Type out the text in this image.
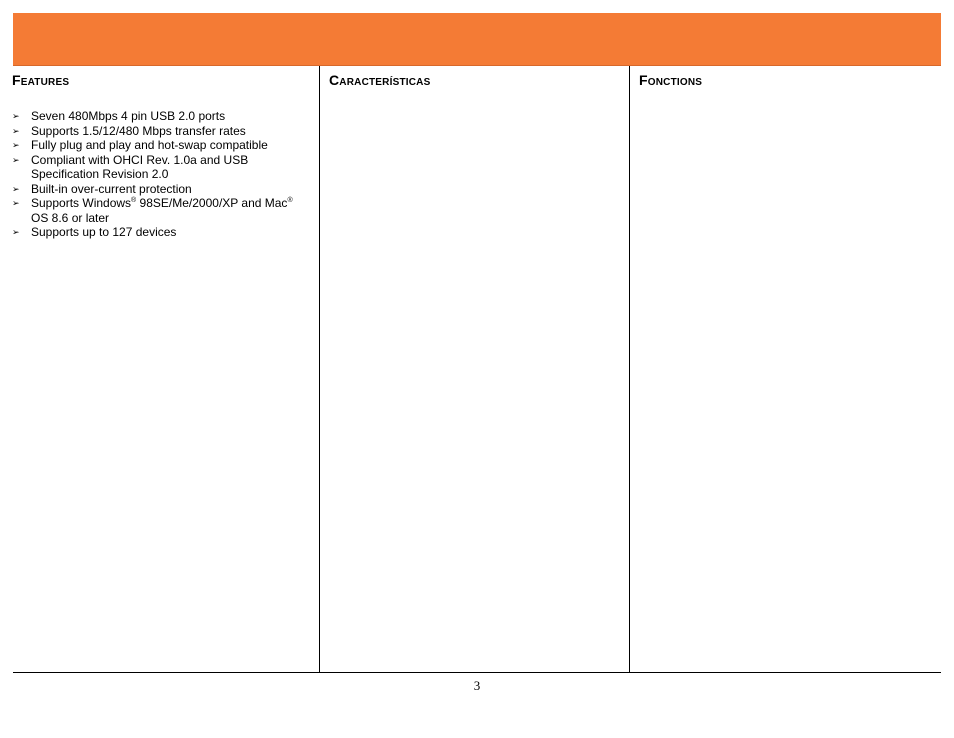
Features
➢ Seven 480Mbps 4 pin USB 2.0 ports
➢ Supports 1.5/12/480 Mbps transfer rates
➢ Fully plug and play and hot-swap compatible
➢ Compliant with OHCI Rev. 1.0a and USB Specification Revision 2.0
➢ Built-in over-current protection
➢ Supports Windows® 98SE/Me/2000/XP and Mac® OS 8.6 or later
➢ Supports up to 127 devices
Características	Fonctions
3
